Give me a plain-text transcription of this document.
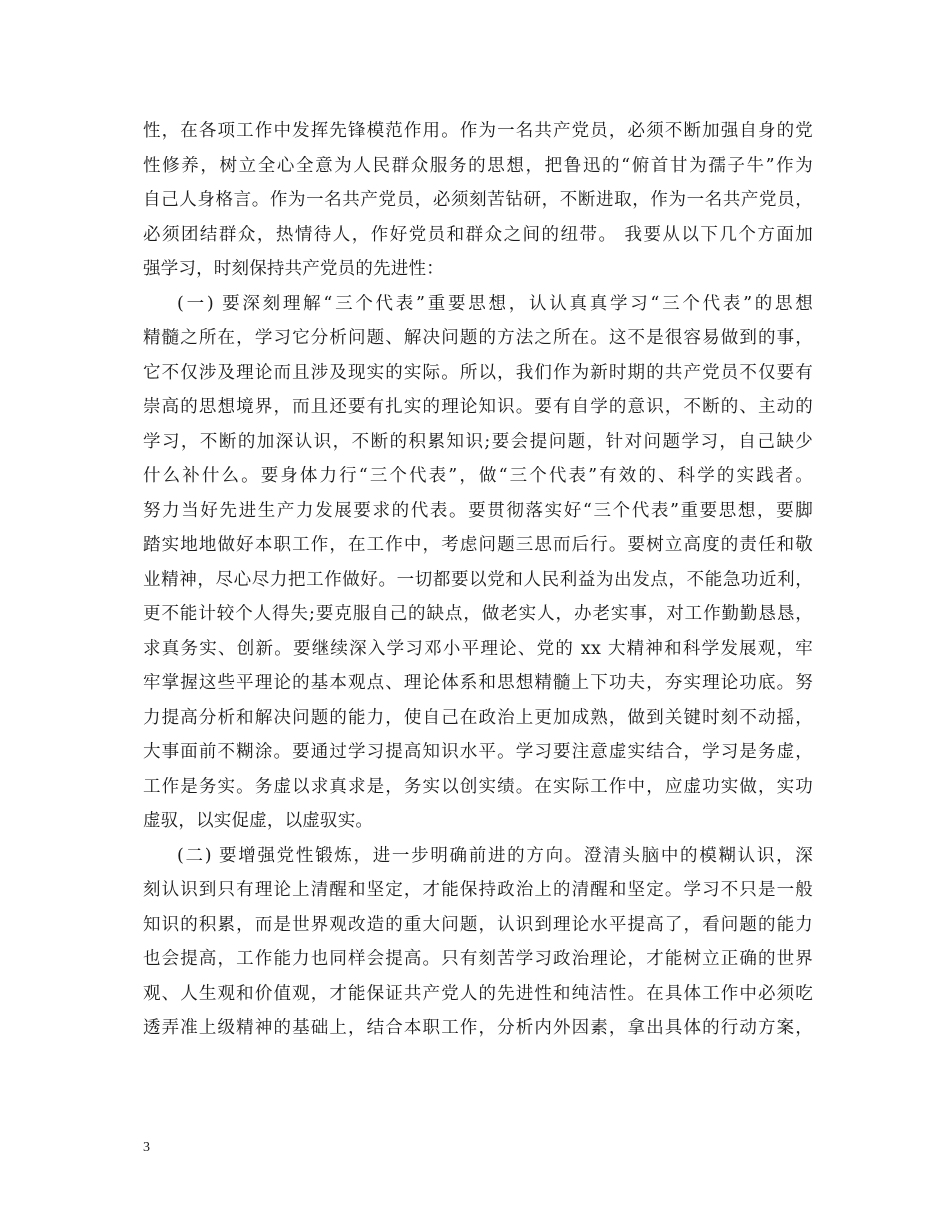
性，在各项工作中发挥先锋模范作用。作为一名共产党员，必须不断加强自身的党
性修养，树立全心全意为人民群众服务的思想，把鲁迅的“俯首甘为孺子牛”作为
自己人身格言。作为一名共产党员，必须刻苦钻研，不断进取，作为一名共产党员，
必须团结群众，热情待人，作好党员和群众之间的纽带。 我要从以下几个方面加
强学习，时刻保持共产党员的先进性：
(一) 要深刻理解“三个代表”重要思想，认认真真学习“三个代表”的思想
精髓之所在，学习它分析问题、解决问题的方法之所在。这不是很容易做到的事，
它不仅涉及理论而且涉及现实的实际。所以，我们作为新时期的共产党员不仅要有
崇高的思想境界，而且还要有扎实的理论知识。要有自学的意识，不断的、主动的
学习，不断的加深认识，不断的积累知识;要会提问题，针对问题学习，自己缺少
什么补什么。要身体力行“三个代表”，做“三个代表”有效的、科学的实践者。
努力当好先进生产力发展要求的代表。要贯彻落实好“三个代表”重要思想，要脚
踏实地地做好本职工作，在工作中，考虑问题三思而后行。要树立高度的责任和敬
业精神，尽心尽力把工作做好。一切都要以党和人民利益为出发点，不能急功近利，
更不能计较个人得失;要克服自己的缺点，做老实人，办老实事，对工作勤勤恳恳，
求真务实、创新。要继续深入学习邓小平理论、党的 xx 大精神和科学发展观，牢
牢掌握这些平理论的基本观点、理论体系和思想精髓上下功夫，夯实理论功底。努
力提高分析和解决问题的能力，使自己在政治上更加成熟，做到关键时刻不动摇，
大事面前不糊涂。要通过学习提高知识水平。学习要注意虚实结合，学习是务虚，
工作是务实。务虚以求真求是，务实以创实绩。在实际工作中，应虚功实做，实功
虚驭，以实促虚，以虚驭实。
(二) 要增强党性锻炼，进一步明确前进的方向。澄清头脑中的模糊认识，深
刻认识到只有理论上清醒和坚定，才能保持政治上的清醒和坚定。学习不只是一般
知识的积累，而是世界观改造的重大问题，认识到理论水平提高了，看问题的能力
也会提高，工作能力也同样会提高。只有刻苦学习政治理论，才能树立正确的世界
观、人生观和价值观，才能保证共产党人的先进性和纯洁性。在具体工作中必须吃
透弄准上级精神的基础上，结合本职工作，分析内外因素，拿出具体的行动方案，
3
